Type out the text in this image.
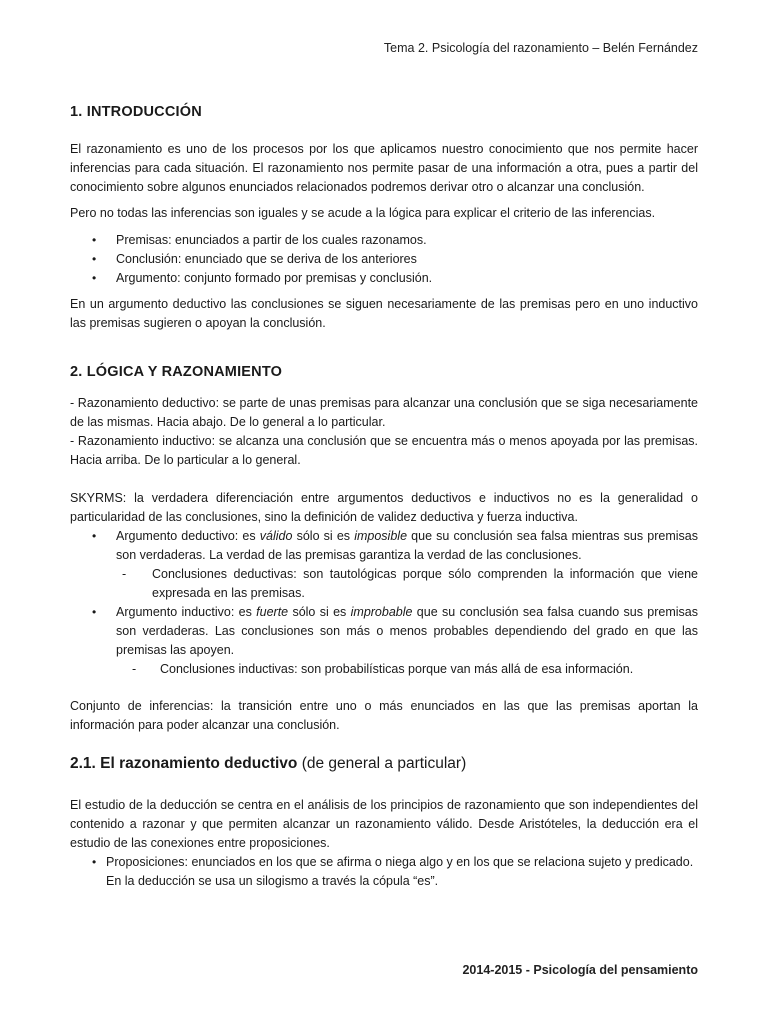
Tema 2. Psicología del razonamiento – Belén Fernández
1. INTRODUCCIÓN
El razonamiento es uno de los procesos por los que aplicamos nuestro conocimiento que nos permite hacer inferencias para cada situación. El razonamiento nos permite pasar de una información a otra, pues a partir del conocimiento sobre algunos enunciados relacionados podremos derivar otro o alcanzar una conclusión.
Pero no todas las inferencias son iguales y se acude a la lógica para explicar el criterio de las inferencias.
• Premisas: enunciados a partir de los cuales razonamos.
• Conclusión: enunciado que se deriva de los anteriores
• Argumento: conjunto formado por premisas y conclusión.
En un argumento deductivo las conclusiones se siguen necesariamente de las premisas pero en uno inductivo las premisas sugieren o apoyan la conclusión.
2. LÓGICA Y RAZONAMIENTO
- Razonamiento deductivo: se parte de unas premisas para alcanzar una conclusión que se siga necesariamente de las mismas. Hacia abajo. De lo general a lo particular.
- Razonamiento inductivo: se alcanza una conclusión que se encuentra más o menos apoyada por las premisas. Hacia arriba. De lo particular a lo general.
SKYRMS: la verdadera diferenciación entre argumentos deductivos e inductivos no es la generalidad o particularidad de las conclusiones, sino la definición de validez deductiva y fuerza inductiva.
• Argumento deductivo: es válido sólo si es imposible que su conclusión sea falsa mientras sus premisas son verdaderas. La verdad de las premisas garantiza la verdad de las conclusiones.
- Conclusiones deductivas: son tautológicas porque sólo comprenden la información que viene expresada en las premisas.
• Argumento inductivo: es fuerte sólo si es improbable que su conclusión sea falsa cuando sus premisas son verdaderas. Las conclusiones son más o menos probables dependiendo del grado en que las premisas las apoyen.
- Conclusiones inductivas: son probabilísticas porque van más allá de esa información.
Conjunto de inferencias: la transición entre uno o más enunciados en las que las premisas aportan la información para poder alcanzar una conclusión.
2.1. El razonamiento deductivo (de general a particular)
El estudio de la deducción se centra en el análisis de los principios de razonamiento que son independientes del contenido a razonar y que permiten alcanzar un razonamiento válido. Desde Aristóteles, la deducción era el estudio de las conexiones entre proposiciones.
• Proposiciones: enunciados en los que se afirma o niega algo y en los que se relaciona sujeto y predicado. En la deducción se usa un silogismo a través la cópula “es”.
2014-2015 - Psicología del pensamiento
